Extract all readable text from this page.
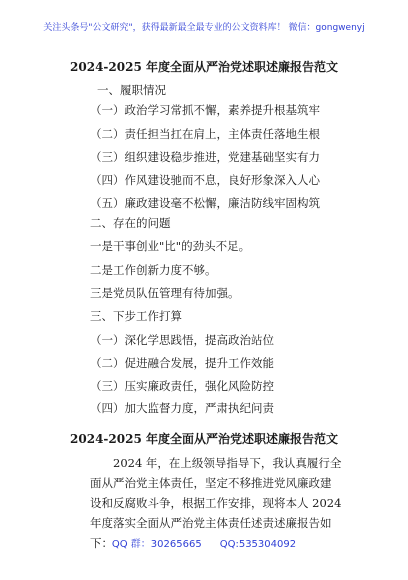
关注头条号"公文研究"，获得最新最全最专业的公文资料库！ 微信：gongwenyj
2024-2025 年度全面从严治党述职述廉报告范文
一、履职情况
（一）政治学习常抓不懈，素养提升根基筑牢
（二）责任担当扛在肩上，主体责任落地生根
（三）组织建设稳步推进，党建基础坚实有力
（四）作风建设驰而不息，良好形象深入人心
（五）廉政建设毫不松懈，廉洁防线牢固构筑
二、存在的问题
一是干事创业"比"的劲头不足。
二是工作创新力度不够。
三是党员队伍管理有待加强。
三、下步工作打算
（一）深化学思践悟，提高政治站位
（二）促进融合发展，提升工作效能
（三）压实廉政责任，强化风险防控
（四）加大监督力度，严肃执纪问责
2024-2025 年度全面从严治党述职述廉报告范文

2024 年，在上级领导指导下，我认真履行全面从严治党主体责任，坚定不移推进党风廉政建设和反腐败斗争，根据工作安排，现将本人 2024 年度落实全面从严治党主体责任述责述廉报告如下：

QQ 群：30265665 QQ:535304092
